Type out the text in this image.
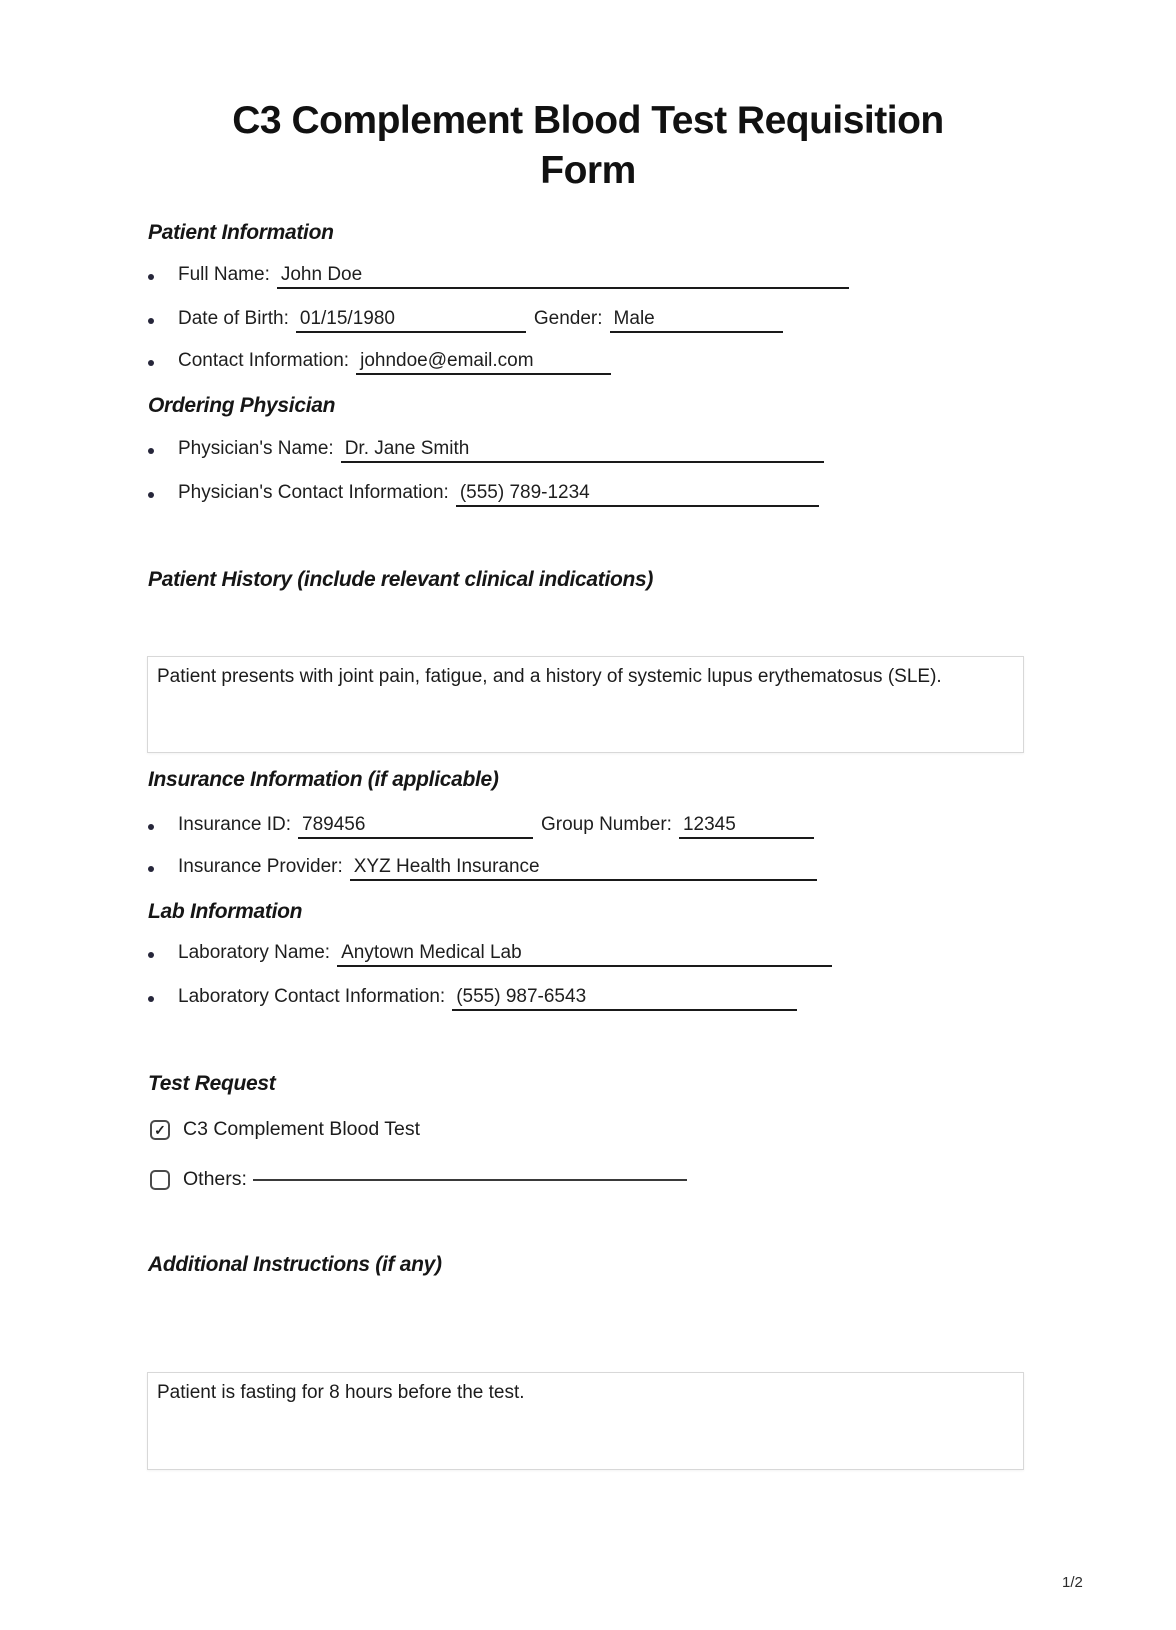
C3 Complement Blood Test Requisition
Form
Patient Information
Full Name: John Doe
Date of Birth: 01/15/1980	Gender: Male
Contact Information: johndoe@email.com
Ordering Physician
Physician's Name: Dr. Jane Smith
Physician's Contact Information: (555) 789-1234
Patient History (include relevant clinical indications)
Patient presents with joint pain, fatigue, and a history of systemic lupus erythematosus (SLE).
Insurance Information (if applicable)
Insurance ID: 789456	Group Number: 12345
Insurance Provider: XYZ Health Insurance
Lab Information
Laboratory Name: Anytown Medical Lab
Laboratory Contact Information: (555) 987-6543
Test Request
✓ C3 Complement Blood Test
Others:
Additional Instructions (if any)
Patient is fasting for 8 hours before the test.
1/2
